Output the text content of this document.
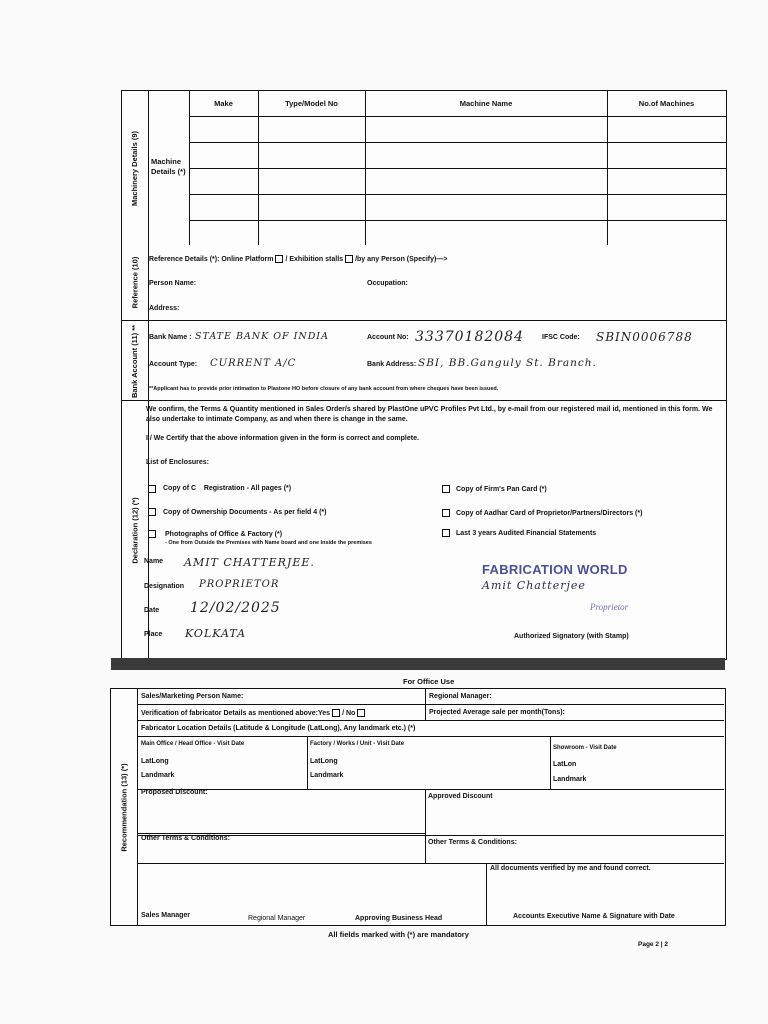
Machinery Details (9) Machine Details (*)
Make	Type/Model No	Machine Name	No.of Machines
Reference (10) Reference Details (*): Online Platform / Exhibition stalls /by any Person (Specify)—>
Person Name:	Occupation:
Address:
Bank Account (11) ** Bank Name : STATE BANK OF INDIA	Account No: 33370182084	IFSC Code: SBIN0006788
Account Type: CURRENT A/C	Bank Address: SBI, BB.Ganguly St. Branch.
**Applicant has to provide prior intimation to Plastone HO before closure of any bank account from where cheques have been issued.
Declaration (12) (*)
We confirm, the Terms & Quantity mentioned in Sales Order/s shared by PlastOne uPVC Profiles Pvt Ltd., by e-mail from our registered mail id, mentioned in this form. We also undertake to intimate Company, as and when there is change in the same.
I / We Certify that the above information given in the form is correct and complete.
List of Enclosures:
Copy of C    Registration - All pages (*)
Copy of Ownership Documents - As per field 4 (*)
Photographs of Office & Factory (*)
- One from Outside the Premises with Name board and one Inside the premises
Copy of Firm's Pan Card (*)
Copy of Aadhar Card of Proprietor/Partners/Directors (*)
Last 3 years Audited Financial Statements
Name AMIT CHATTERJEE.
Designation PROPRIETOR
Date 12/02/2025
Place KOLKATA
FABRICATION WORLD
Amit Chatterjee
Proprietor
Authorized Signatory (with Stamp)
For Office Use
Recommendation (13) (*)
Sales/Marketing Person Name:	Regional Manager:
Verification of fabricator Details as mentioned above:Yes / No	Projected Average sale per month(Tons):
Fabricator Location Details (Latitude & Longitude (LatLong), Any landmark etc.) (*)
Main Office / Head Office - Visit Date
LatLong
Landmark
Factory / Works / Unit - Visit Date
LatLong
Landmark
Showroom - Visit Date
LatLon
Landmark
Proposed Discount:
Approved Discount
Other Terms & Conditions:
Other Terms & Conditions:
All documents verified by me and found correct.
Sales Manager	Regional Manager	Approving Business Head	Accounts Executive Name & Signature with Date
All fields marked with (*) are mandatory
Page 2 | 2
